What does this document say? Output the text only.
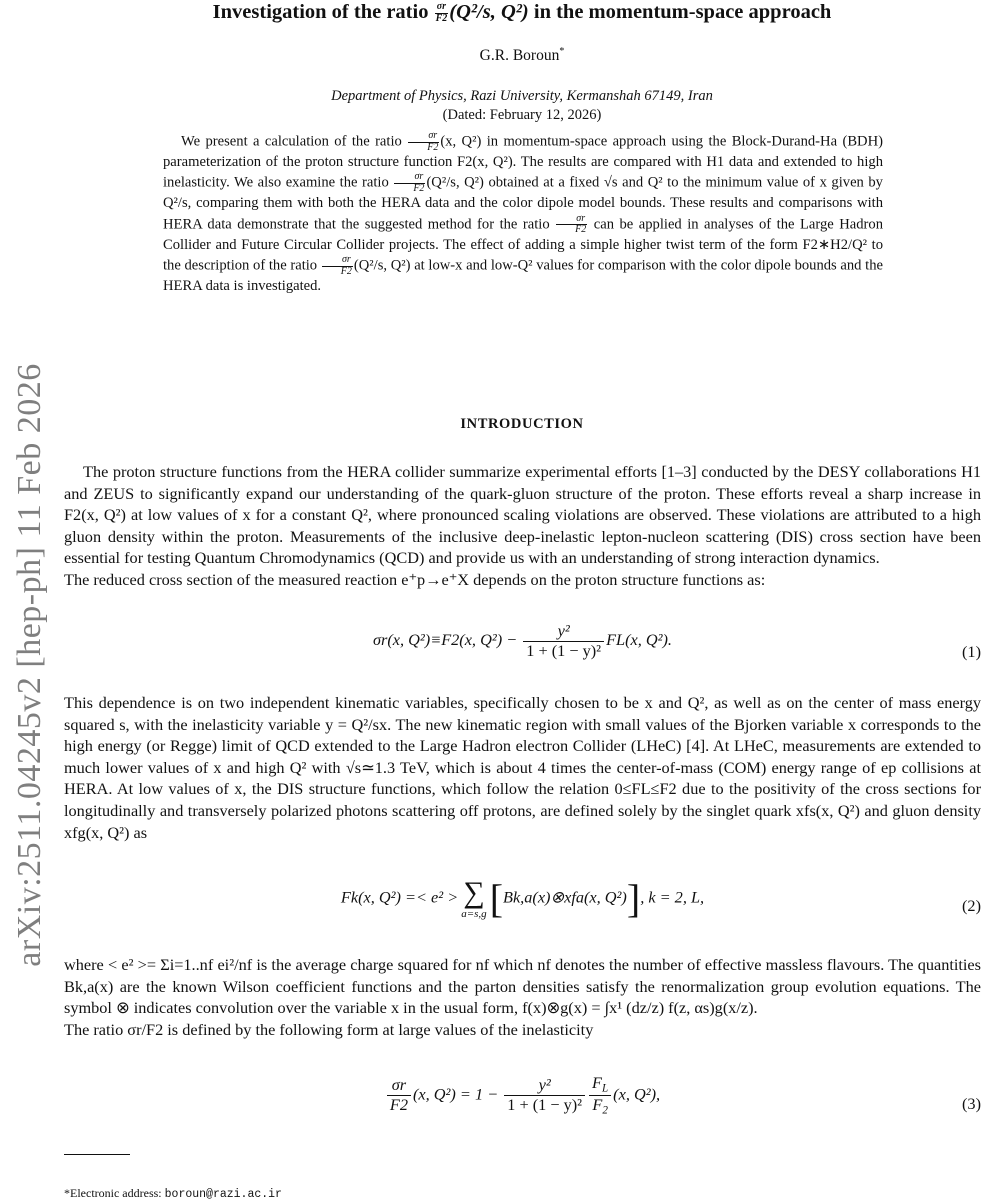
arXiv:2511.04245v2 [hep-ph] 11 Feb 2026
Investigation of the ratio $\frac{\sigma r}{F2} (Q^2/s$, Q²) in the momentum-space approach
G.R. Boroun*
Department of Physics, Razi University, Kermanshah 67149, Iran
(Dated: February 12, 2026)
We present a calculation of the ratio $\frac{\sigma r}{F2} (x$, Q²) in momentum-space approach using the Block-Durand-Ha (BDH) parameterization of the proton structure function F2(x, Q²). The results are compared with H1 data and extended to high inelasticity. We also examine the ratio $\frac{\sigma r}{F2} (Q^2/s$, Q²) obtained at a fixed √s and Q² to the minimum value of x given by Q²/s, comparing them with both the HERA data and the color dipole model bounds. These results and comparisons with HERA data demonstrate that the suggested method for the ratio $\frac{\sigma r}{F2}$ can be applied in analyses of the Large Hadron Collider and Future Circular Collider projects. The effect of adding a simple higher twist term of the form F2∗H2/Q² to the description of the ratio $\frac{\sigma r}{F2} (Q^2/s$, Q²) at low-x and low-Q² values for comparison with the color dipole bounds and the HERA data is investigated.
INTRODUCTION

The proton structure functions from the HERA collider summarize experimental efforts [1–3] conducted by the DESY collaborations H1 and ZEUS to significantly expand our understanding of the quark-gluon structure of the proton. These efforts reveal a sharp increase in F2(x, Q²) at low values of x for a constant Q², where pronounced scaling violations are observed. These violations are attributed to a high gluon density within the proton. Measurements of the inclusive deep-inelastic lepton-nucleon scattering (DIS) cross section have been essential for testing Quantum Chromodynamics (QCD) and provide us with an understanding of strong interaction dynamics.

The reduced cross section of the measured reaction e⁺p→e⁺X depends on the proton structure functions as:

σr(x, Q²)≡F2(x, $Q^2) - \frac{\text{y²}}{\text{1 + (1 − y)²}} FL(x$, Q²).
(1)

This dependence is on two independent kinematic variables, specifically chosen to be x and Q², as well as on the center of mass energy squared s, with the inelasticity variable y = Q²/sx. The new kinematic region with small values of the Bjorken variable x corresponds to the high energy (or Regge) limit of QCD extended to the Large Hadron electron Collider (LHeC) [4]. At LHeC, measurements are extended to much lower values of x and high Q² with √s≃1.3 TeV, which is about 4 times the center-of-mass (COM) energy range of ep collisions at HERA. At low values of x, the DIS structure functions, which follow the relation 0≤FL≤F2 due to the positivity of the cross sections for longitudinally and transversely polarized photons scattering off protons, are defined solely by the singlet quark xfs(x, Q²) and gluon density xfg(x, Q²) as

Fk(x, Q²) =< e² > ∑
a=s,g [Bk,a(x)⊗xfa(x, Q²)], k = 2, L,	(2)

where < e² >= Σi=1..nf ei²/nf is the average charge squared for nf which nf denotes the number of effective massless flavours. The quantities Bk,a(x) are the known Wilson coefficient functions and the parton densities satisfy the renormalization group evolution equations. The symbol ⊗ indicates convolution over the variable x in the usual form, f(x)⊗g(x) = ∫x¹ (dz/z) f(z, αs)g(x/z).

The ratio σr/F2 is defined by the following form at large values of the inelasticity

$\frac{\sigma r}{F2} (x$, $Q^2) = 1 - \frac{\text{y²}}{\text{1 + (1 − y)²}} \frac{F_L}{F_2} (x$, Q²),
(3)
*Electronic address: boroun@razi.ac.ir
